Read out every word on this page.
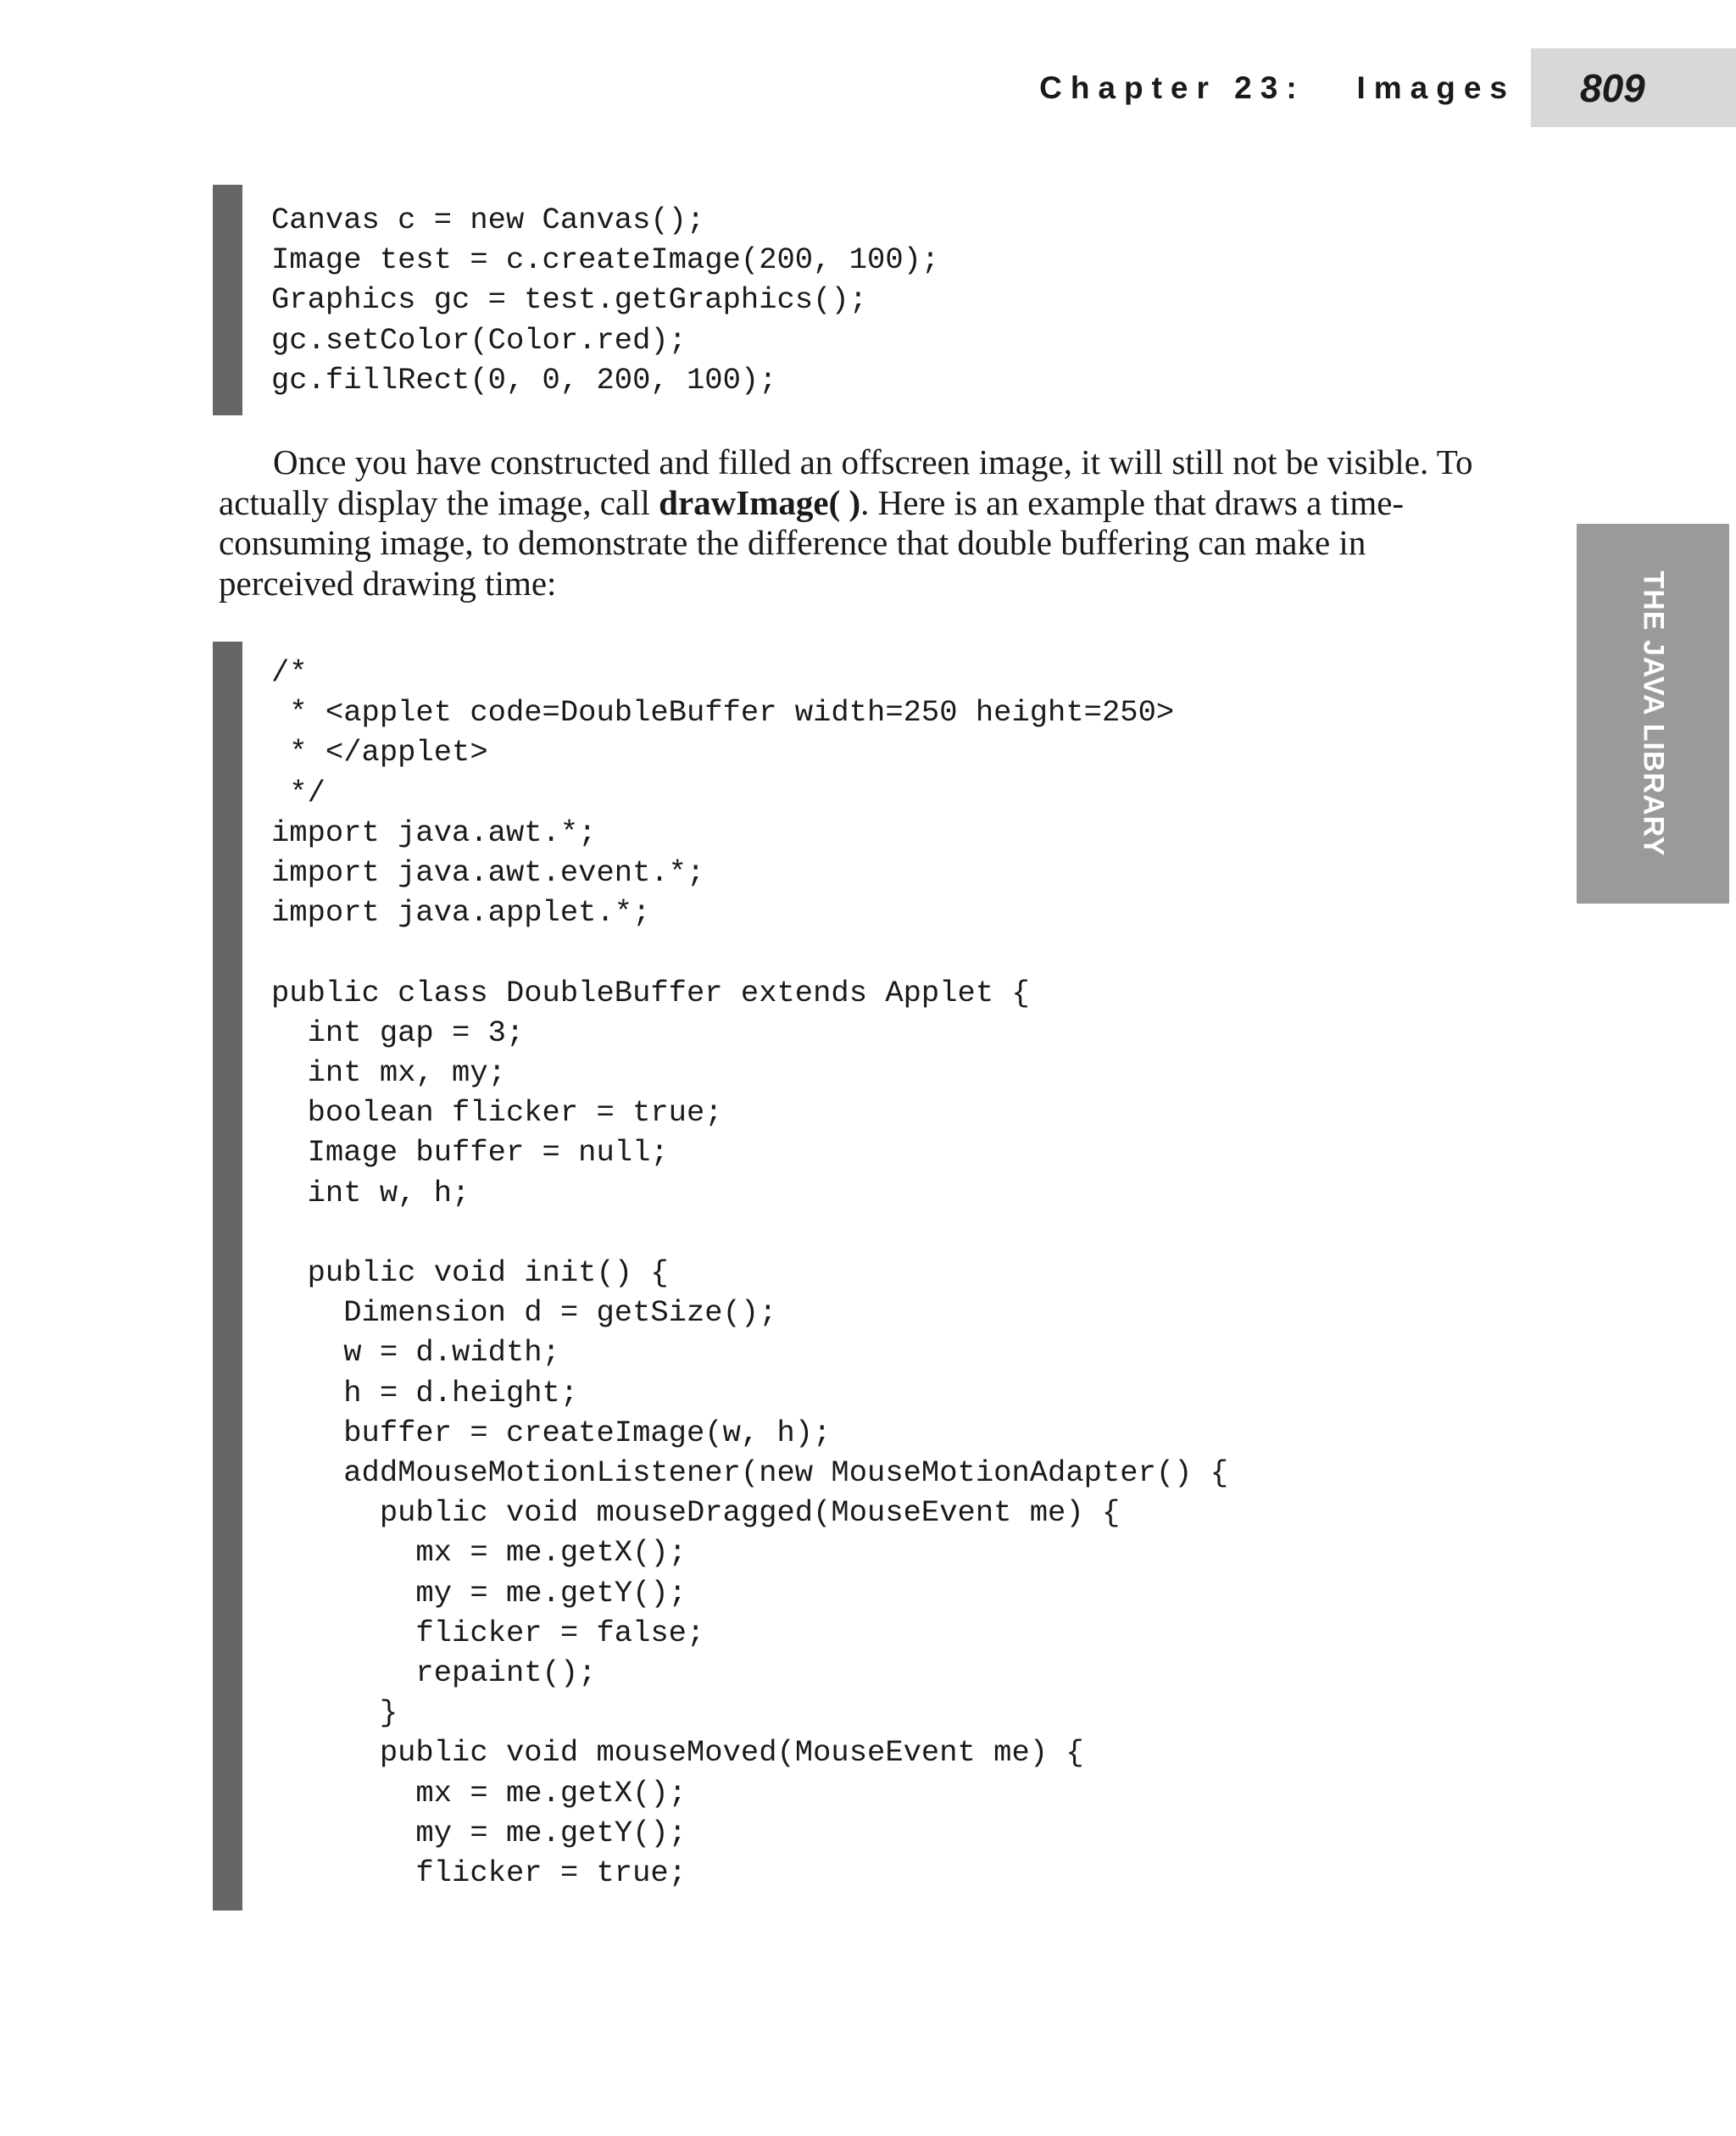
Chapter 23:   Images 809
THE JAVA LIBRARY
Canvas c = new Canvas();
Image test = c.createImage(200, 100);
Graphics gc = test.getGraphics();
gc.setColor(Color.red);
gc.fillRect(0, 0, 200, 100);

Once you have constructed and filled an offscreen image, it will still not be visible. To actually display the image, call drawImage( ). Here is an example that draws a time-consuming image, to demonstrate the difference that double buffering can make in perceived drawing time:

/*
* <applet code=DoubleBuffer width=250 height=250>
* </applet>
*/
import java.awt.*;
import java.awt.event.*;
import java.applet.*;

public class DoubleBuffer extends Applet {
int gap = 3;
int mx, my;
boolean flicker = true;
Image buffer = null;
int w, h;

public void init() {
Dimension d = getSize();
w = d.width;
h = d.height;
buffer = createImage(w, h);
addMouseMotionListener(new MouseMotionAdapter() {
public void mouseDragged(MouseEvent me) {
mx = me.getX();
my = me.getY();
flicker = false;
repaint();
}
public void mouseMoved(MouseEvent me) {
mx = me.getX();
my = me.getY();
flicker = true;
